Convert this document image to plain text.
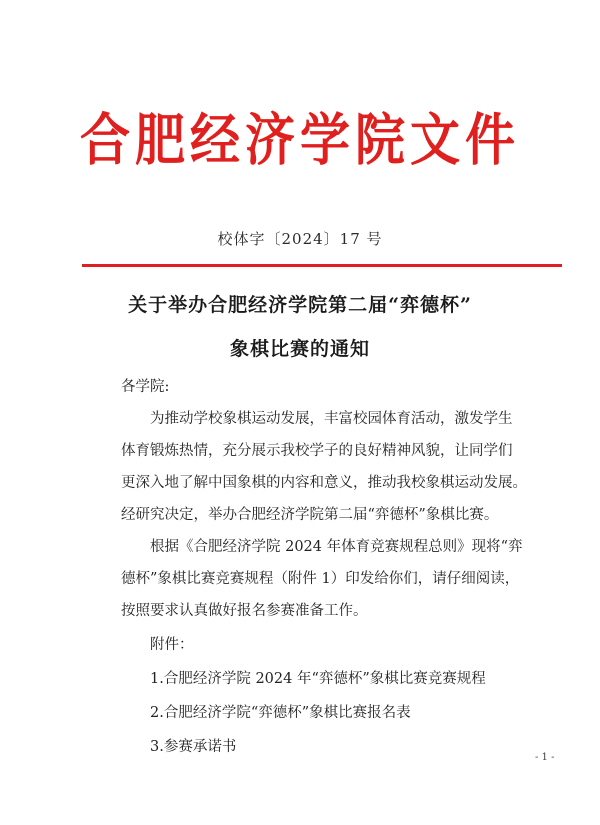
合肥经济学院文件
校体字〔2024〕17 号
关于举办合肥经济学院第二届“弈德杯”
象棋比赛的通知
各学院:
为推动学校象棋运动发展，丰富校园体育活动，激发学生
体育锻炼热情，充分展示我校学子的良好精神风貌，让同学们
更深入地了解中国象棋的内容和意义，推动我校象棋运动发展。
经研究决定，举办合肥经济学院第二届“弈德杯”象棋比赛。
根据《合肥经济学院 2024 年体育竞赛规程总则》现将“弈
德杯”象棋比赛竞赛规程（附件 1）印发给你们，请仔细阅读，
按照要求认真做好报名参赛准备工作。
附件：
1.合肥经济学院 2024 年“弈德杯”象棋比赛竞赛规程
2.合肥经济学院“弈德杯”象棋比赛报名表
3.参赛承诺书
- 1 -
